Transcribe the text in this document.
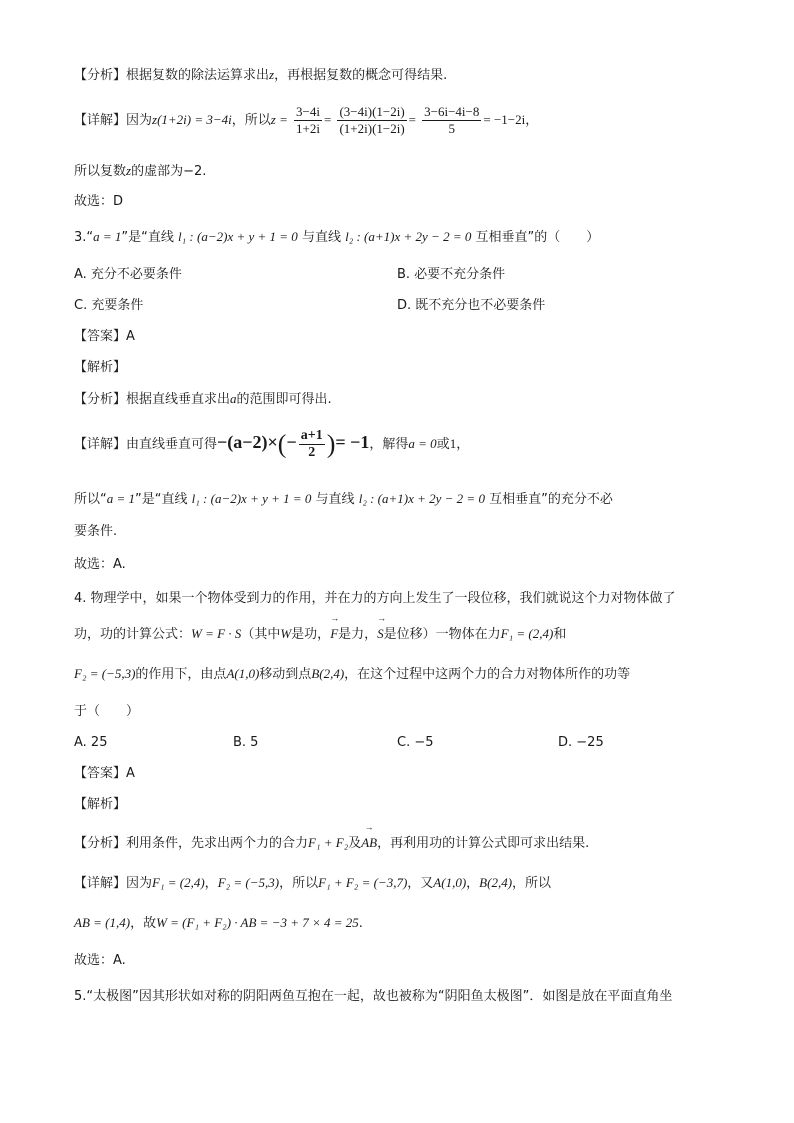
【分析】根据复数的除法运算求出z，再根据复数的概念可得结果.
【详解】因为z(1+2i) = 3−4i，所以$z = \frac{3-4i}{1+2i} = \frac{(3-4i)(1-2i)}{(1+2i)(1-2i)} = \frac{3-6i-4i-8}{5} = -1-2i$，
所以复数z的虚部为−2.
故选：D
3.“a = 1”是“直线 l₁ : (a−2)x + y + 1 = 0 与直线 l₂ : (a+1)x + 2y − 2 = 0 互相垂直”的（　　）
A. 充分不必要条件	B. 必要不充分条件
C. 充要条件	D. 既不充分也不必要条件
【答案】A
【解析】
【分析】根据直线垂直求出a的范围即可得出.
【详解】由直线垂直可得$-(a-2)\times(- \frac{a+1}{2}$ )= −1，解得a = 0或1，
所以“a = 1”是“直线 l₁ : (a−2)x + y + 1 = 0 与直线 l₂ : (a+1)x + 2y − 2 = 0 互相垂直”的充分不必
要条件.
故选：A.
4. 物理学中，如果一个物体受到力的作用，并在力的方向上发生了一段位移，我们就说这个力对物体做了
功，功的计算公式：W = F · S（其中W是功，→ F是力，→ S是位移）一物体在力F₁ = (2,4)和
F₂ = (−5,3)的作用下，由点A(1,0)移动到点B(2,4)，在这个过程中这两个力的合力对物体所作的功等
于（　　）
A. 25	B. 5	C. −5	D. −25
【答案】A
【解析】
【分析】利用条件，先求出两个力的合力F₁ + F₂及→ AB，再利用功的计算公式即可求出结果.
【详解】因为F₁ = (2,4)，F₂ = (−5,3)，所以F₁ + F₂ = (−3,7)，又A(1,0)，B(2,4)，所以
AB = (1,4)，故W = (F₁ + F₂) · AB = −3 + 7 × 4 = 25.
故选：A.
5.“太极图”因其形状如对称的阴阳两鱼互抱在一起，故也被称为“阴阳鱼太极图”．如图是放在平面直角坐
